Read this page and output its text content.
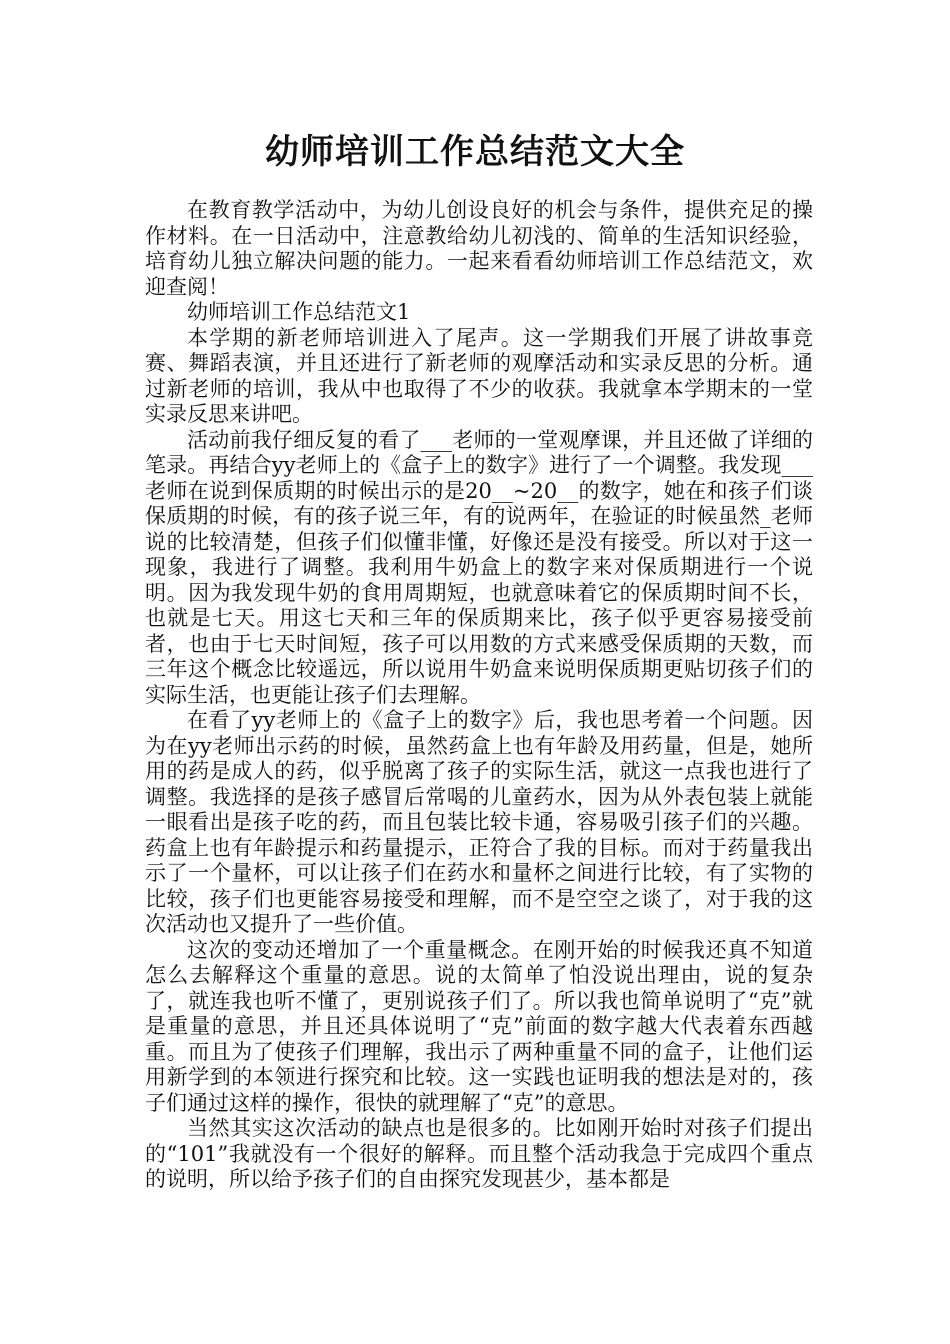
幼师培训工作总结范文大全

在教育教学活动中，为幼儿创设良好的机会与条件，提供充足的操作材料。在一日活动中，注意教给幼儿初浅的、简单的生活知识经验，培育幼儿独立解决问题的能力。一起来看看幼师培训工作总结范文，欢迎查阅！

幼师培训工作总结范文1

本学期的新老师培训进入了尾声。这一学期我们开展了讲故事竞赛、舞蹈表演，并且还进行了新老师的观摩活动和实录反思的分析。通过新老师的培训，我从中也取得了不少的收获。我就拿本学期末的一堂实录反思来讲吧。

活动前我仔细反复的看了___老师的一堂观摩课，并且还做了详细的笔录。再结合yy老师上的《盒子上的数字》进行了一个调整。我发现___老师在说到保质期的时候出示的是20__~20__的数字，她在和孩子们谈保质期的时候，有的孩子说三年，有的说两年，在验证的时候虽然_老师说的比较清楚，但孩子们似懂非懂，好像还是没有接受。所以对于这一现象，我进行了调整。我利用牛奶盒上的数字来对保质期进行一个说明。因为我发现牛奶的食用周期短，也就意味着它的保质期时间不长，也就是七天。用这七天和三年的保质期来比，孩子似乎更容易接受前者，也由于七天时间短，孩子可以用数的方式来感受保质期的天数，而三年这个概念比较遥远，所以说用牛奶盒来说明保质期更贴切孩子们的实际生活，也更能让孩子们去理解。

在看了yy老师上的《盒子上的数字》后，我也思考着一个问题。因为在yy老师出示药的时候，虽然药盒上也有年龄及用药量，但是，她所用的药是成人的药，似乎脱离了孩子的实际生活，就这一点我也进行了调整。我选择的是孩子感冒后常喝的儿童药水，因为从外表包装上就能一眼看出是孩子吃的药，而且包装比较卡通，容易吸引孩子们的兴趣。药盒上也有年龄提示和药量提示，正符合了我的目标。而对于药量我出示了一个量杯，可以让孩子们在药水和量杯之间进行比较，有了实物的比较，孩子们也更能容易接受和理解，而不是空空之谈了，对于我的这次活动也又提升了一些价值。

这次的变动还增加了一个重量概念。在刚开始的时候我还真不知道怎么去解释这个重量的意思。说的太简单了怕没说出理由，说的复杂了，就连我也听不懂了，更别说孩子们了。所以我也简单说明了“克”就是重量的意思，并且还具体说明了“克”前面的数字越大代表着东西越重。而且为了使孩子们理解，我出示了两种重量不同的盒子，让他们运用新学到的本领进行探究和比较。这一实践也证明我的想法是对的，孩子们通过这样的操作，很快的就理解了“克”的意思。

当然其实这次活动的缺点也是很多的。比如刚开始时对孩子们提出的“101”我就没有一个很好的解释。而且整个活动我急于完成四个重点的说明，所以给予孩子们的自由探究发现甚少，基本都是
